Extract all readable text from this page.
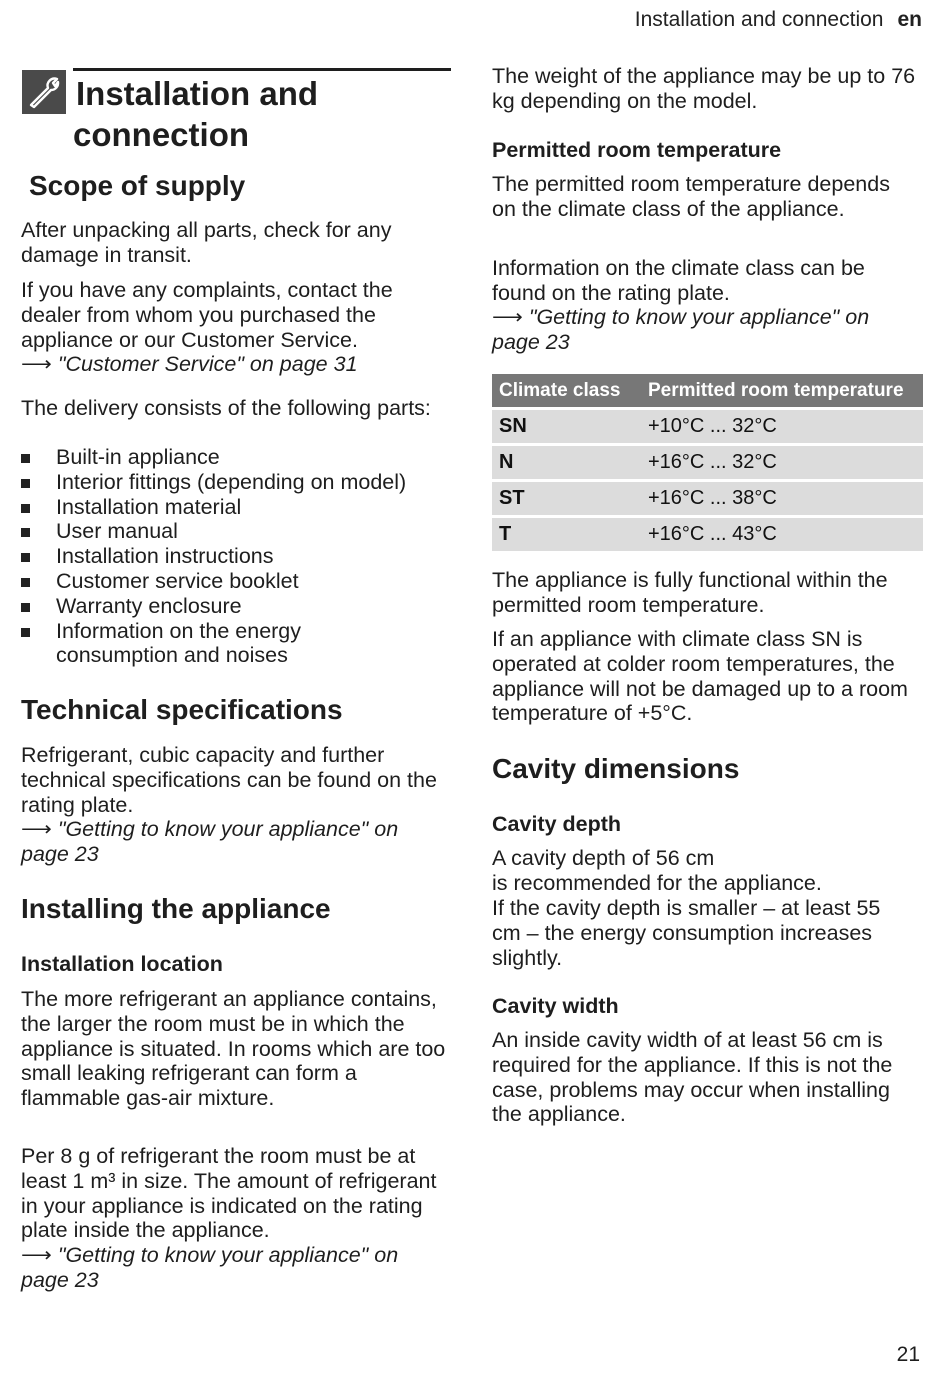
Installation and connection en
Installation and
connection
Scope of supply

After unpacking all parts, check for any damage in transit.

If you have any complaints, contact the dealer from whom you purchased the appliance or our Customer Service.

⟶ "Customer Service" on page 31

The delivery consists of the following parts:

Built-in appliance
Interior fittings (depending on model)
Installation material
User manual
Installation instructions
Customer service booklet
Warranty enclosure
Information on the energy consumption and noises
Technical specifications

Refrigerant, cubic capacity and further technical specifications can be found on the rating plate.

⟶ "Getting to know your appliance" on page 23

Installing the appliance
Installation location

The more refrigerant an appliance contains, the larger the room must be in which the appliance is situated. In rooms which are too small leaking refrigerant can form a flammable gas-air mixture.

Per 8 g of refrigerant the room must be at least 1 m³ in size. The amount of refrigerant in your appliance is indicated on the rating plate inside the appliance.

⟶ "Getting to know your appliance" on page 23

The weight of the appliance may be up to 76 kg depending on the model.

Permitted room temperature

The permitted room temperature depends on the climate class of the appliance.

Information on the climate class can be found on the rating plate.

⟶ "Getting to know your appliance" on page 23

Climate class	Permitted room temperature
SN	+10°C ... 32°C
N	+16°C ... 32°C
ST	+16°C ... 38°C
T	+16°C ... 43°C

The appliance is fully functional within the permitted room temperature.

If an appliance with climate class SN is operated at colder room temperatures, the appliance will not be damaged up to a room temperature of +5°C.

Cavity dimensions
Cavity depth

A cavity depth of 56 cm

is recommended for the appliance.

If the cavity depth is smaller – at least 55 cm – the energy consumption increases slightly.

Cavity width

An inside cavity width of at least 56 cm is required for the appliance. If this is not the case, problems may occur when installing the appliance.

21
